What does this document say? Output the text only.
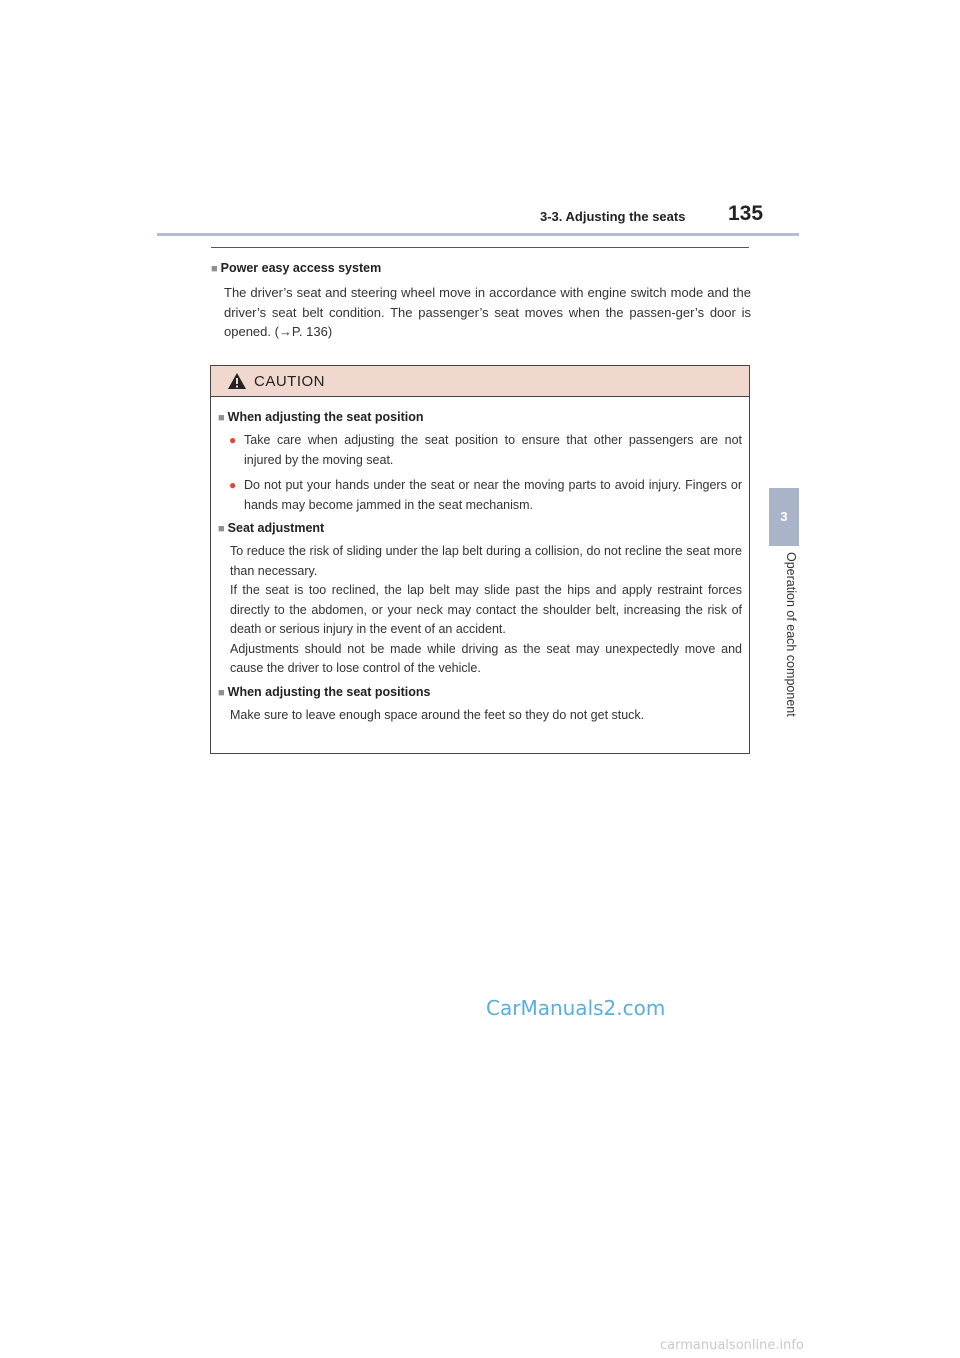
3-3. Adjusting the seats 135
3
Operation of each component

■ Power easy access system

The driver’s seat and steering wheel move in accordance with engine switch mode and the driver’s seat belt condition. The passenger’s seat moves when the passen-ger’s door is opened. (→P. 136)

CAUTION

■ When adjusting the seat position

● Take care when adjusting the seat position to ensure that other passengers are not injured by the moving seat.
● Do not put your hands under the seat or near the moving parts to avoid injury. Fingers or hands may become jammed in the seat mechanism.

■ Seat adjustment

To reduce the risk of sliding under the lap belt during a collision, do not recline the seat more than necessary.

If the seat is too reclined, the lap belt may slide past the hips and apply restraint forces directly to the abdomen, or your neck may contact the shoulder belt, increasing the risk of death or serious injury in the event of an accident.

Adjustments should not be made while driving as the seat may unexpectedly move and cause the driver to lose control of the vehicle.

■ When adjusting the seat positions

Make sure to leave enough space around the feet so they do not get stuck.

CarManuals2.com
carmanualsonline.info
